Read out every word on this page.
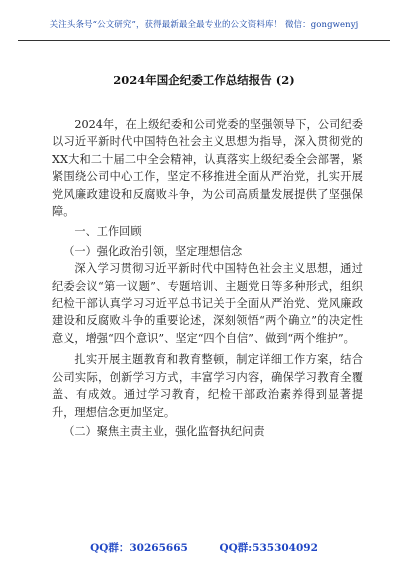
关注头条号“公文研究”，获得最新最全最专业的公文资料库！ 微信：gongwenyj
2024年国企纪委工作总结报告 (2)

2024年，在上级纪委和公司党委的坚强领导下，公司纪委以习近平新时代中国特色社会主义思想为指导，深入贯彻党的XX大和二十届二中全会精神，认真落实上级纪委全会部署，紧紧围绕公司中心工作，坚定不移推进全面从严治党，扎实开展党风廉政建设和反腐败斗争，为公司高质量发展提供了坚强保障。

一、工作回顾

（一）强化政治引领，坚定理想信念

深入学习贯彻习近平新时代中国特色社会主义思想，通过纪委会议“第一议题”、专题培训、主题党日等多种形式，组织纪检干部认真学习习近平总书记关于全面从严治党、党风廉政建设和反腐败斗争的重要论述，深刻领悟“两个确立”的决定性意义，增强“四个意识”、坚定“四个自信”、做到“两个维护”。

扎实开展主题教育和教育整顿，制定详细工作方案，结合公司实际，创新学习方式，丰富学习内容，确保学习教育全覆盖、有成效。通过学习教育，纪检干部政治素养得到显著提升，理想信念更加坚定。

（二）聚焦主责主业，强化监督执纪问责

QQ群：30265665	QQ群:535304092
